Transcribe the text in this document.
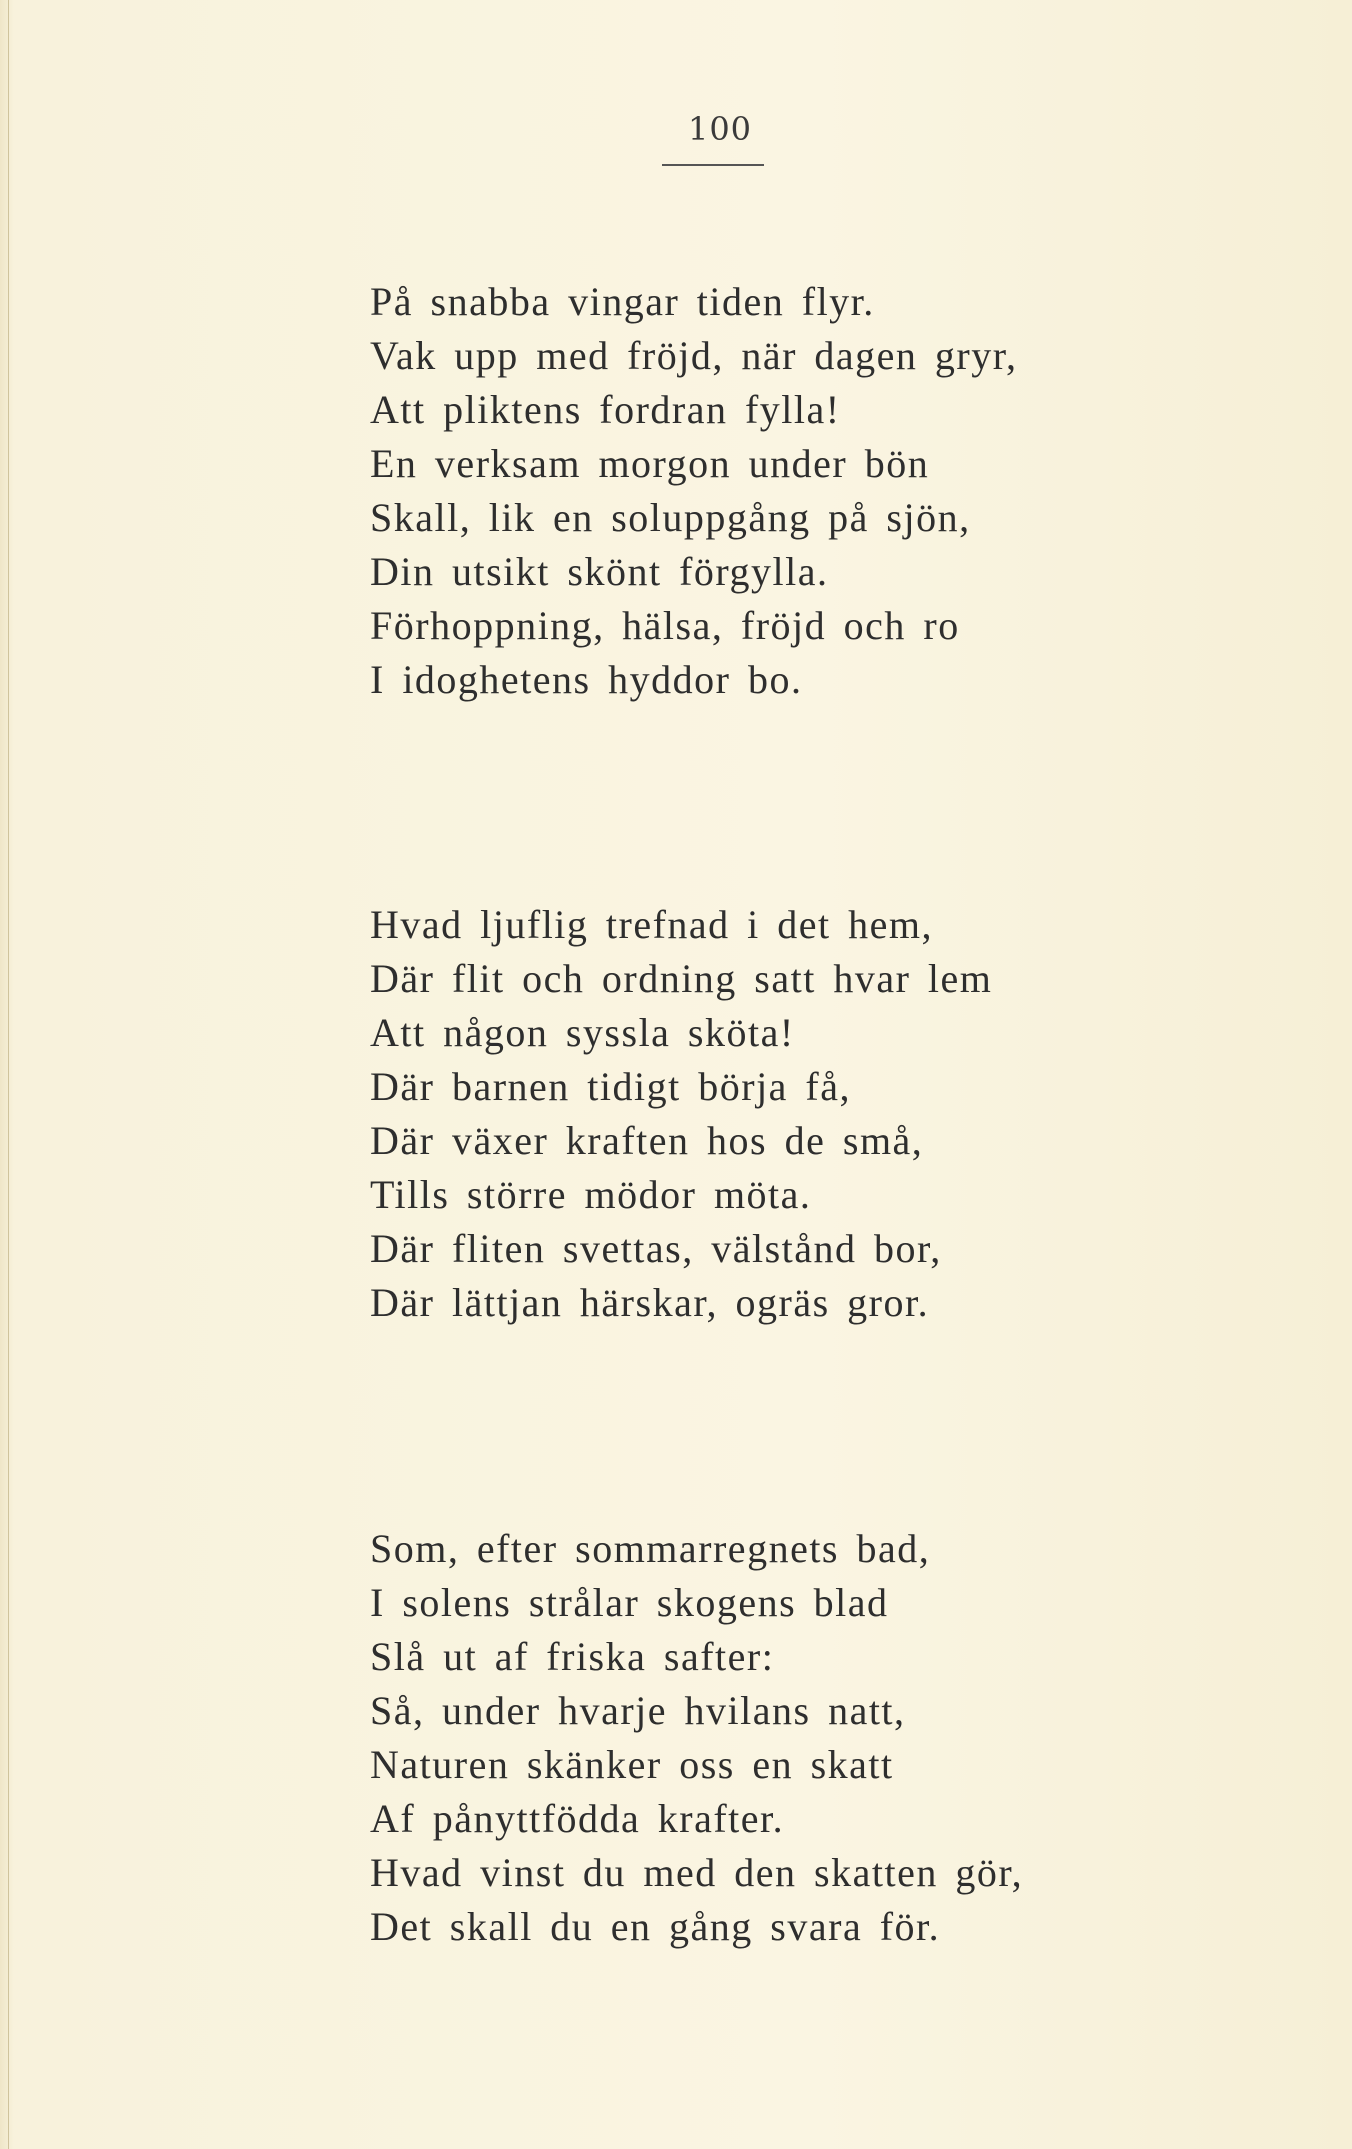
100
På snabba vingar tiden flyr.
Vak upp med fröjd, när dagen gryr,
Att pliktens fordran fylla!
En verksam morgon under bön
Skall, lik en soluppgång på sjön,
Din utsikt skönt förgylla.
Förhoppning, hälsa, fröjd och ro
I idoghetens hyddor bo.
Hvad ljuflig trefnad i det hem,
Där flit och ordning satt hvar lem
Att någon syssla sköta!
Där barnen tidigt börja få,
Där växer kraften hos de små,
Tills större mödor möta.
Där fliten svettas, välstånd bor,
Där lättjan härskar, ogräs gror.
Som, efter sommarregnets bad,
I solens strålar skogens blad
Slå ut af friska safter:
Så, under hvarje hvilans natt,
Naturen skänker oss en skatt
Af pånyttfödda krafter.
Hvad vinst du med den skatten gör,
Det skall du en gång svara för.
